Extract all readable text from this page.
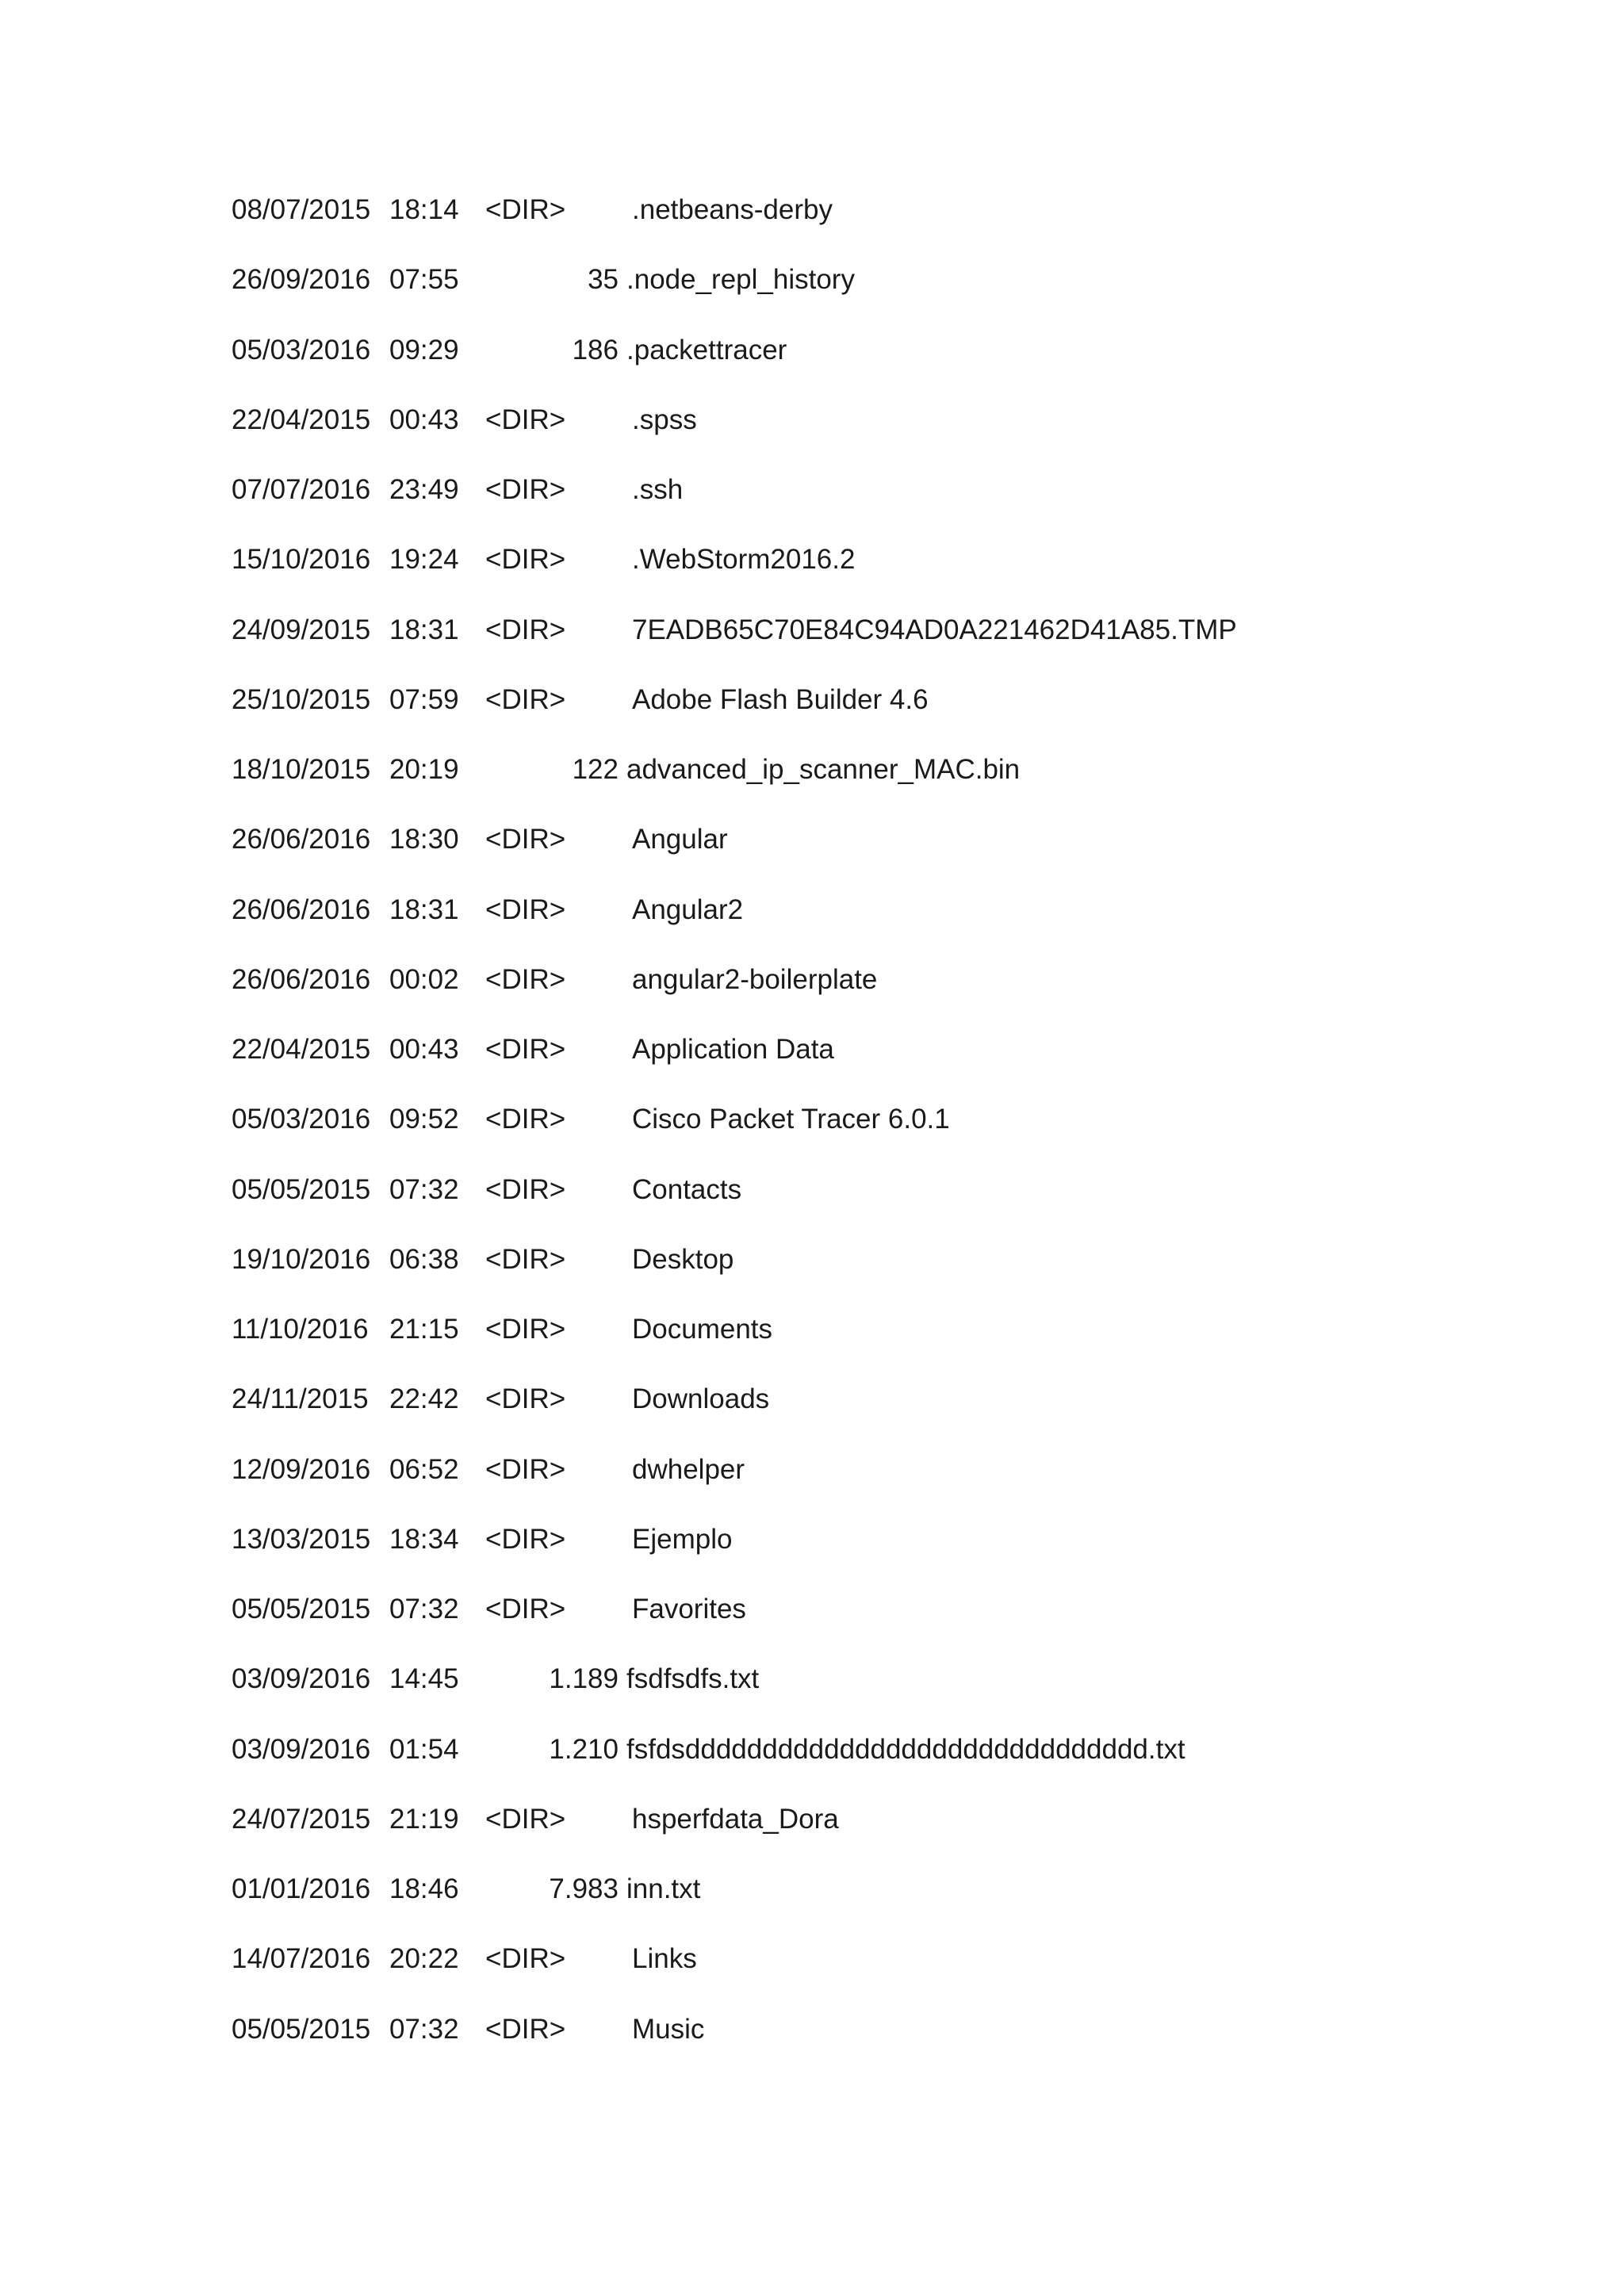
08/07/2015 18:14 <DIR> .netbeans-derby
26/09/2016 07:55	35 .node_repl_history
05/03/2016 09:29	186 .packettracer
22/04/2015 00:43 <DIR> .spss
07/07/2016 23:49 <DIR> .ssh
15/10/2016 19:24 <DIR> .WebStorm2016.2
24/09/2015 18:31 <DIR> 7EADB65C70E84C94AD0A221462D41A85.TMP
25/10/2015 07:59 <DIR> Adobe Flash Builder 4.6
18/10/2015 20:19	122 advanced_ip_scanner_MAC.bin
26/06/2016 18:30 <DIR> Angular
26/06/2016 18:31 <DIR> Angular2
26/06/2016 00:02 <DIR> angular2-boilerplate
22/04/2015 00:43 <DIR> Application Data
05/03/2016 09:52 <DIR> Cisco Packet Tracer 6.0.1
05/05/2015 07:32 <DIR> Contacts
19/10/2016 06:38 <DIR> Desktop
11/10/2016 21:15 <DIR> Documents
24/11/2015 22:42 <DIR> Downloads
12/09/2016 06:52 <DIR> dwhelper
13/03/2015 18:34 <DIR> Ejemplo
05/05/2015 07:32 <DIR> Favorites
03/09/2016 14:45	1.189 fsdfsdfs.txt
03/09/2016 01:54	1.210 fsfdsdddddddddddddddddddddddddddddd.txt
24/07/2015 21:19 <DIR> hsperfdata_Dora
01/01/2016 18:46	7.983 inn.txt
14/07/2016 20:22 <DIR> Links
05/05/2015 07:32 <DIR> Music
